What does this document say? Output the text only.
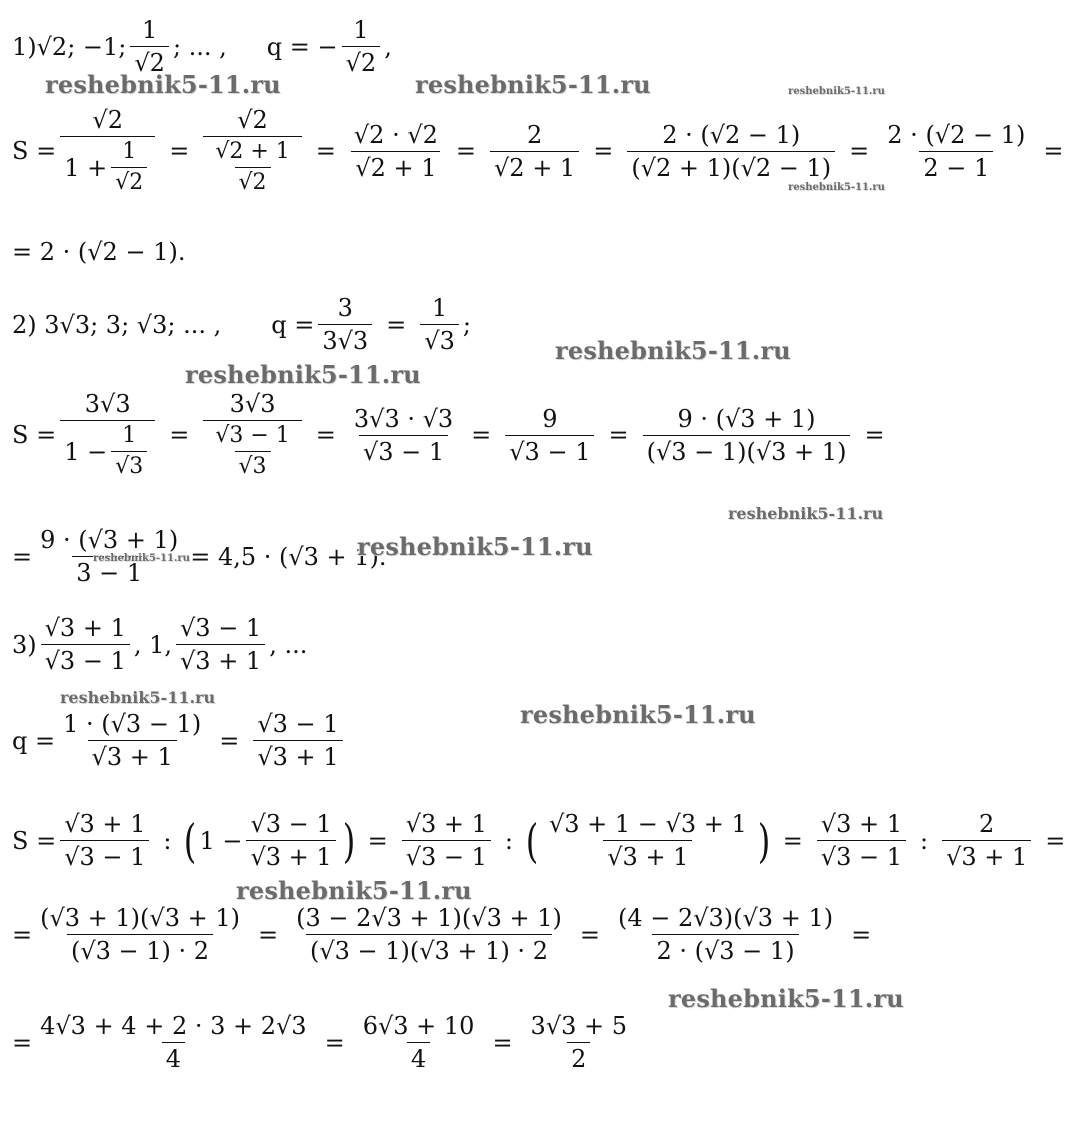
1)√2; −1; $\frac{1}{√2}$ ; ... , q = − $\frac{1}{√2}$ ,
$S = \frac{√2}{1 + \frac{1}{√2}} = \frac{√2}{\frac{√2 + 1}{√2}} = \frac{√2 \cdot √2}{√2 + 1} = \frac{2}{√2 + 1} = \frac{2 \cdot (√2 - 1)}{(√2 + 1)(√2 - 1)} = \frac{2 \cdot (√2 - 1)}{2 - 1}$ =
= 2 · (√2 − 1).
2) 3√3; 3; √3; ... , $q = \frac{3}{3√3} = \frac{1}{√3}$ ;
$S = \frac{3√3}{1 - \frac{1}{√3}} = \frac{3√3}{\frac{√3 - 1}{√3}} = \frac{3√3 \cdot √3}{√3 - 1} = \frac{9}{√3 - 1} = \frac{9 \cdot (√3 + 1)}{(√3 - 1)(√3 + 1)}$ =
= $\frac{9 \cdot (√3 + 1)}{3 - 1} = 4,5 \cdot (√3 + 1)$.
$3) \frac{√3 + 1}{√3 - 1}$ , 1, $\frac{√3 - 1}{√3 + 1}$ , ...
$q = \frac{1 \cdot (√3 - 1)}{√3 + 1} = \frac{√3 - 1}{√3 + 1}$
$S = \frac{√3 + 1}{√3 - 1}$ : ( $1 - \frac{√3 - 1}{√3 + 1}$ ) = $\frac{√3 + 1}{√3 - 1}$ : ( $\frac{√3 + 1 - √3 + 1}{√3 + 1}$ ) = $\frac{√3 + 1}{√3 - 1}$ : $\frac{2}{√3 + 1}$ =
= $\frac{(√3 + 1)(√3 + 1)}{(√3 - 1) \cdot 2} = \frac{(3 - 2√3 + 1)(√3 + 1)}{(√3 - 1)(√3 + 1) \cdot 2} = \frac{(4 - 2√3)(√3 + 1)}{2 \cdot (√3 - 1)}$ =
= $\frac{4√3 + 4 + 2 \cdot 3 + 2√3}{4} = \frac{6√3 + 10}{4} = \frac{3√3 + 5}{2}$
reshebnik5-11.ru	reshebnik5-11.ru	reshebnik5-11.ru
reshebnik5-11.ru
reshebnik5-11.ru
reshebnik5-11.ru
reshebnik5-11.ru
reshebnik5-11.ru
reshebnik5-11.ru
reshebnik5-11.ru
reshebnik5-11.ru
reshebnik5-11.ru
reshebnik5-11.ru
